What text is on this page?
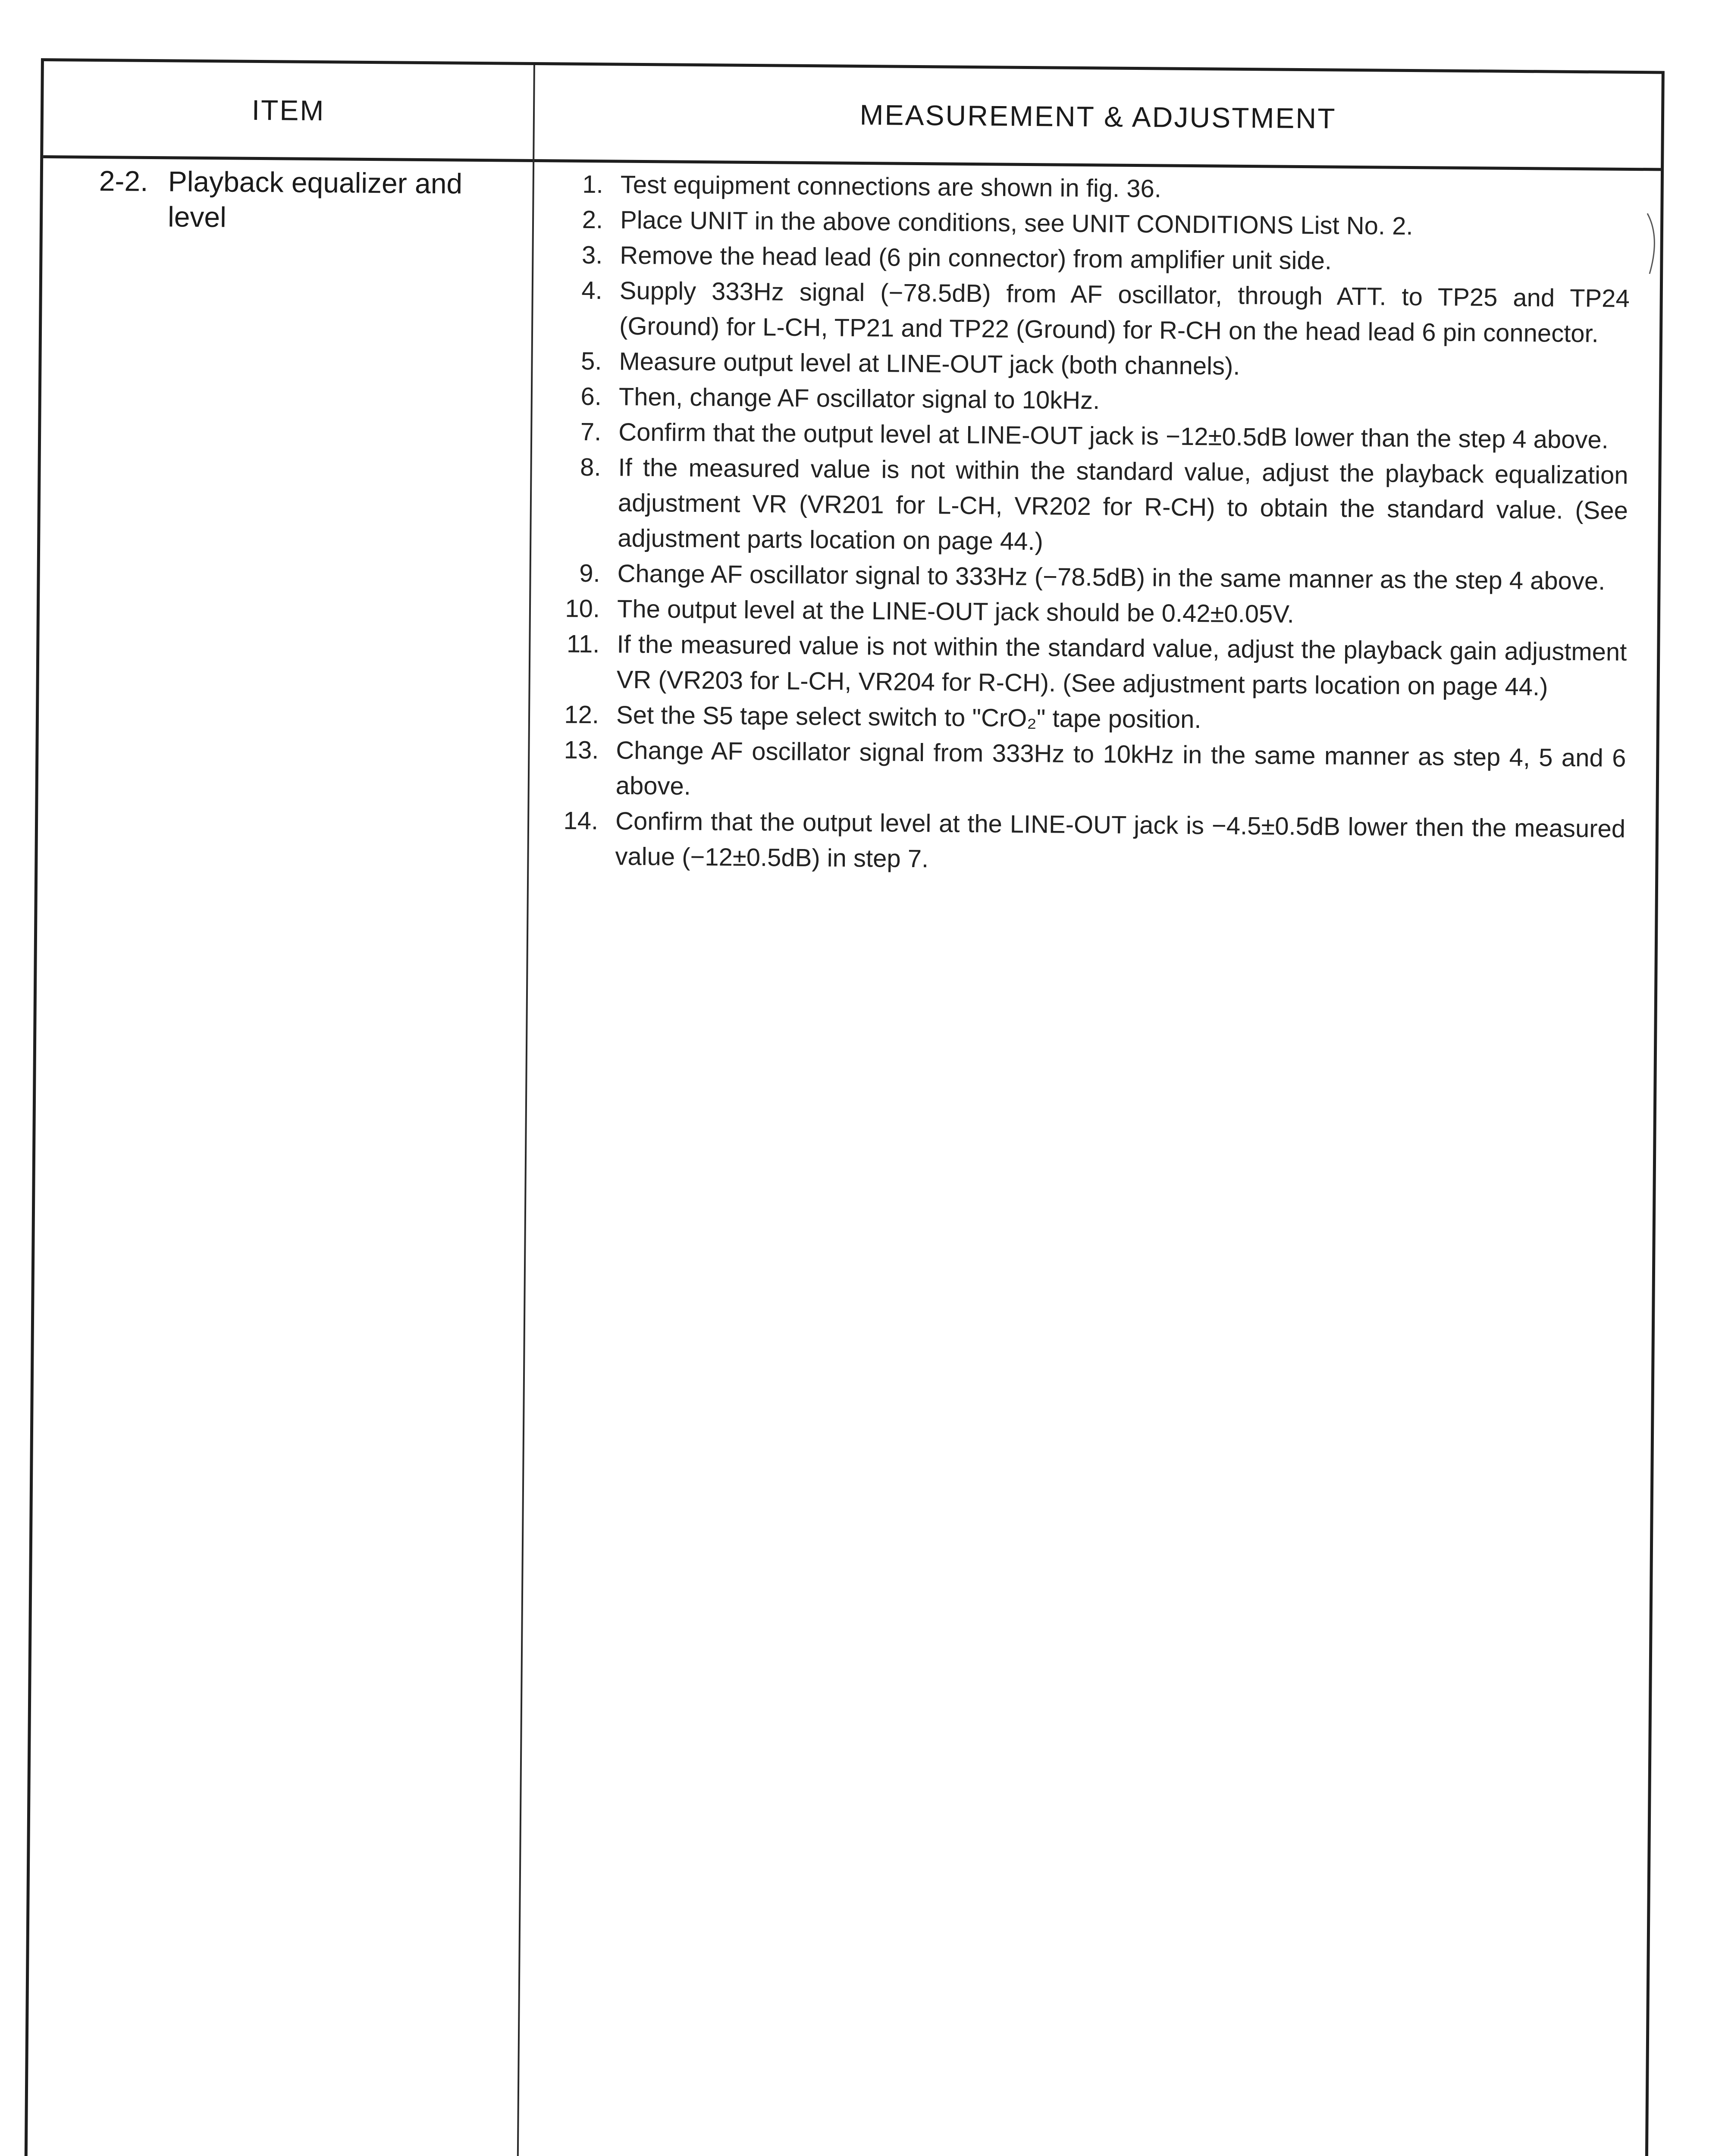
ITEM	MEASUREMENT & ADJUSTMENT
2-2. Playback equalizer and level
1. Test equipment connections are shown in fig. 36.
2. Place UNIT in the above conditions, see UNIT CONDITIONS List No. 2.
3. Remove the head lead (6 pin connector) from amplifier unit side.
4. Supply 333Hz signal (−78.5dB) from AF oscillator, through ATT. to TP25 and TP24 (Ground) for L-CH, TP21 and TP22 (Ground) for R-CH on the head lead 6 pin connector.
5. Measure output level at LINE-OUT jack (both channels).
6. Then, change AF oscillator signal to 10kHz.
7. Confirm that the output level at LINE-OUT jack is −12±0.5dB lower than the step 4 above.
8. If the measured value is not within the standard value, adjust the playback equalization adjustment VR (VR201 for L-CH, VR202 for R-CH) to obtain the standard value. (See adjustment parts location on page 44.)
9. Change AF oscillator signal to 333Hz (−78.5dB) in the same manner as the step 4 above.
10. The output level at the LINE-OUT jack should be 0.42±0.05V.
11. If the measured value is not within the standard value, adjust the playback gain adjustment VR (VR203 for L-CH, VR204 for R-CH). (See adjustment parts location on page 44.)
12. Set the S5 tape select switch to "CrO₂" tape position.
13. Change AF oscillator signal from 333Hz to 10kHz in the same manner as step 4, 5 and 6 above.
14. Confirm that the output level at the LINE-OUT jack is −4.5±0.5dB lower then the measured value (−12±0.5dB) in step 7.
